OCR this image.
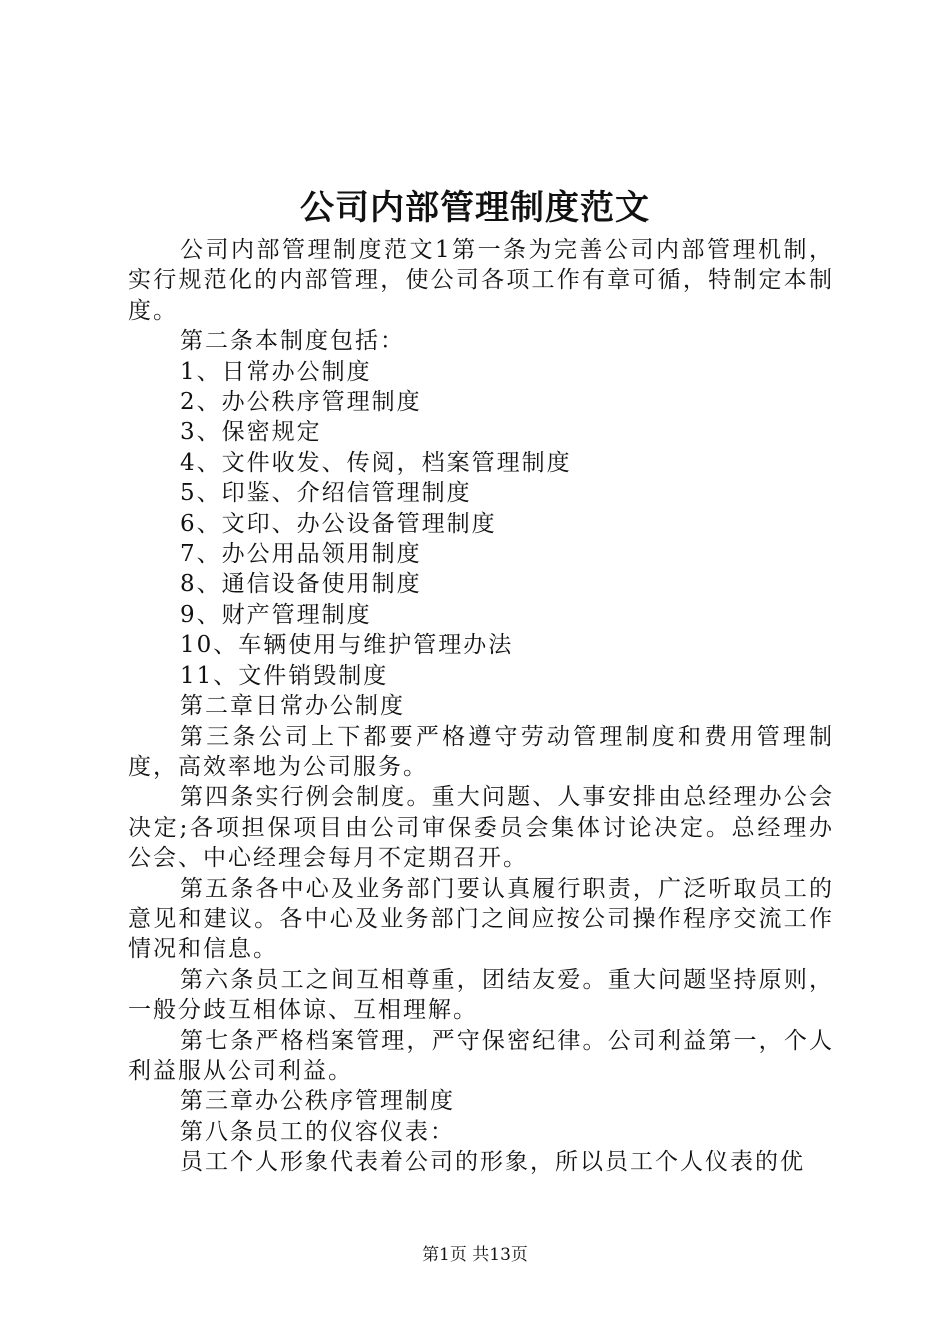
公司内部管理制度范文

公司内部管理制度范文1第一条为完善公司内部管理机制，实行规范化的内部管理，使公司各项工作有章可循，特制定本制度。

第二条本制度包括：

1、日常办公制度

2、办公秩序管理制度

3、保密规定

4、文件收发、传阅，档案管理制度

5、印鉴、介绍信管理制度

6、文印、办公设备管理制度

7、办公用品领用制度

8、通信设备使用制度

9、财产管理制度

10、车辆使用与维护管理办法

11、文件销毁制度

第二章日常办公制度

第三条公司上下都要严格遵守劳动管理制度和费用管理制度，高效率地为公司服务。

第四条实行例会制度。重大问题、人事安排由总经理办公会决定;各项担保项目由公司审保委员会集体讨论决定。总经理办公会、中心经理会每月不定期召开。

第五条各中心及业务部门要认真履行职责，广泛听取员工的意见和建议。各中心及业务部门之间应按公司操作程序交流工作情况和信息。

第六条员工之间互相尊重，团结友爱。重大问题坚持原则，一般分歧互相体谅、互相理解。

第七条严格档案管理，严守保密纪律。公司利益第一，个人利益服从公司利益。

第三章办公秩序管理制度

第八条员工的仪容仪表：

员工个人形象代表着公司的形象，所以员工个人仪表的优

第1页 共13页
